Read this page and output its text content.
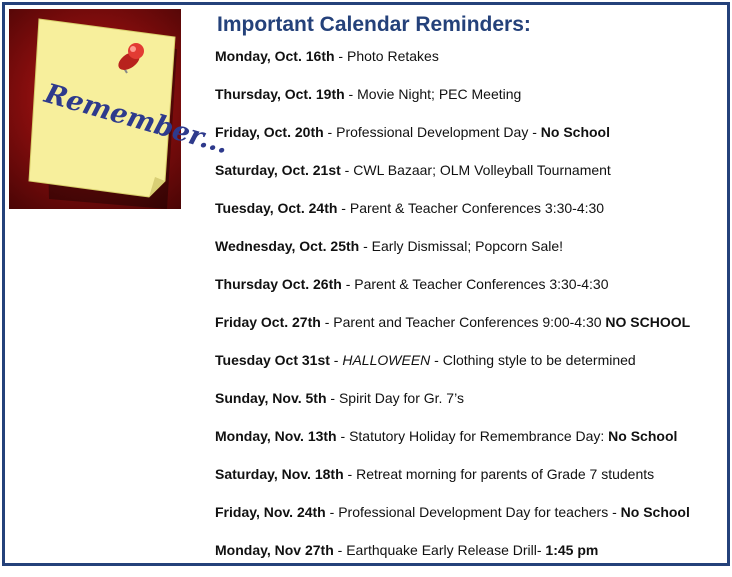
Remember...
Important Calendar Reminders:
Monday, Oct. 16th - Photo Retakes
Thursday, Oct. 19th - Movie Night; PEC Meeting
Friday, Oct. 20th - Professional Development Day - No School
Saturday, Oct. 21st - CWL Bazaar; OLM Volleyball Tournament
Tuesday, Oct. 24th - Parent & Teacher Conferences 3:30-4:30
Wednesday, Oct. 25th - Early Dismissal; Popcorn Sale!
Thursday Oct. 26th - Parent & Teacher Conferences 3:30-4:30
Friday Oct. 27th - Parent and Teacher Conferences 9:00-4:30 NO SCHOOL
Tuesday Oct 31st - HALLOWEEN - Clothing style to be determined
Sunday, Nov. 5th - Spirit Day for Gr. 7’s
Monday, Nov. 13th - Statutory Holiday for Remembrance Day: No School
Saturday, Nov. 18th - Retreat morning for parents of Grade 7 students
Friday, Nov. 24th - Professional Development Day for teachers - No School
Monday, Nov 27th - Earthquake Early Release Drill- 1:45 pm
